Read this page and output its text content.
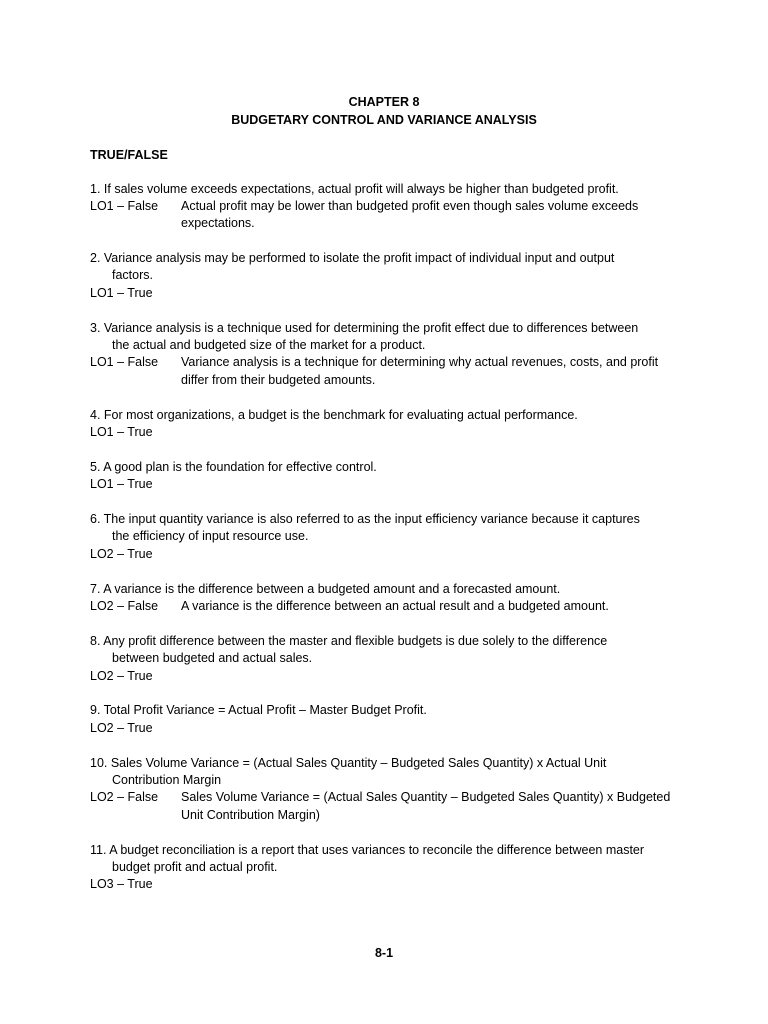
CHAPTER 8
BUDGETARY CONTROL AND VARIANCE ANALYSIS
TRUE/FALSE
1. If sales volume exceeds expectations, actual profit will always be higher than budgeted profit.
LO1 – False Actual profit may be lower than budgeted profit even though sales volume exceeds
expectations.
2. Variance analysis may be performed to isolate the profit impact of individual input and output
factors.
LO1 – True
3. Variance analysis is a technique used for determining the profit effect due to differences between
the actual and budgeted size of the market for a product.
LO1 – False Variance analysis is a technique for determining why actual revenues, costs, and profit
differ from their budgeted amounts.
4. For most organizations, a budget is the benchmark for evaluating actual performance.
LO1 – True
5. A good plan is the foundation for effective control.
LO1 – True
6. The input quantity variance is also referred to as the input efficiency variance because it captures
the efficiency of input resource use.
LO2 – True
7. A variance is the difference between a budgeted amount and a forecasted amount.
LO2 – False A variance is the difference between an actual result and a budgeted amount.
8. Any profit difference between the master and flexible budgets is due solely to the difference
between budgeted and actual sales.
LO2 – True
9. Total Profit Variance = Actual Profit – Master Budget Profit.
LO2 – True
10. Sales Volume Variance = (Actual Sales Quantity – Budgeted Sales Quantity) x Actual Unit
Contribution Margin
LO2 – False Sales Volume Variance = (Actual Sales Quantity – Budgeted Sales Quantity) x Budgeted
Unit Contribution Margin)
11. A budget reconciliation is a report that uses variances to reconcile the difference between master
budget profit and actual profit.
LO3 – True
8-1
